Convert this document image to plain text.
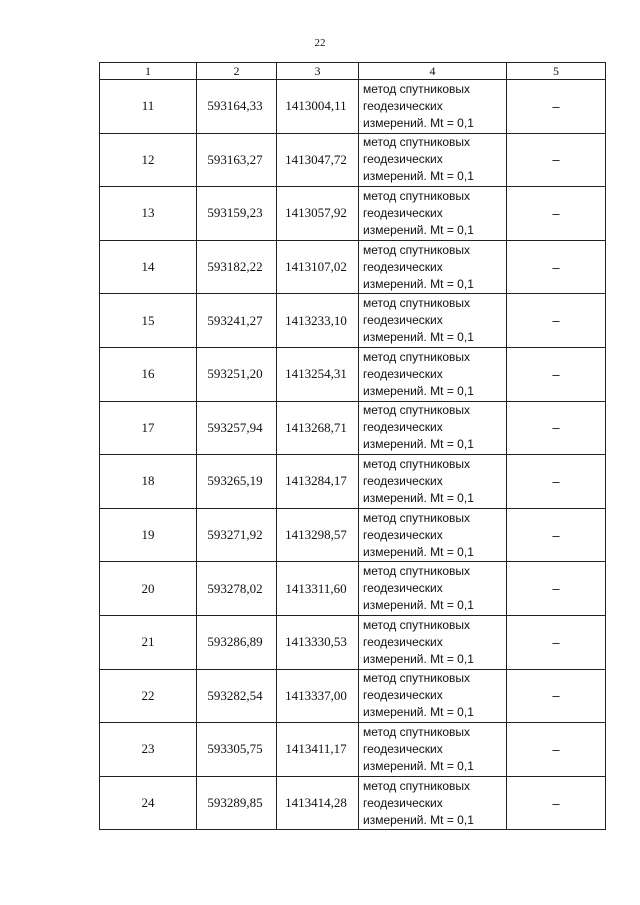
22
1	2	3	4	5
11	593164,33	1413004,11	метод спутниковых
геодезических
измерений. Mt = 0,1	–
12	593163,27	1413047,72	метод спутниковых
геодезических
измерений. Mt = 0,1	–
13	593159,23	1413057,92	метод спутниковых
геодезических
измерений. Mt = 0,1	–
14	593182,22	1413107,02	метод спутниковых
геодезических
измерений. Mt = 0,1	–
15	593241,27	1413233,10	метод спутниковых
геодезических
измерений. Mt = 0,1	–
16	593251,20	1413254,31	метод спутниковых
геодезических
измерений. Mt = 0,1	–
17	593257,94	1413268,71	метод спутниковых
геодезических
измерений. Mt = 0,1	–
18	593265,19	1413284,17	метод спутниковых
геодезических
измерений. Mt = 0,1	–
19	593271,92	1413298,57	метод спутниковых
геодезических
измерений. Mt = 0,1	–
20	593278,02	1413311,60	метод спутниковых
геодезических
измерений. Mt = 0,1	–
21	593286,89	1413330,53	метод спутниковых
геодезических
измерений. Mt = 0,1	–
22	593282,54	1413337,00	метод спутниковых
геодезических
измерений. Mt = 0,1	–
23	593305,75	1413411,17	метод спутниковых
геодезических
измерений. Mt = 0,1	–
24	593289,85	1413414,28	метод спутниковых
геодезических
измерений. Mt = 0,1	–
